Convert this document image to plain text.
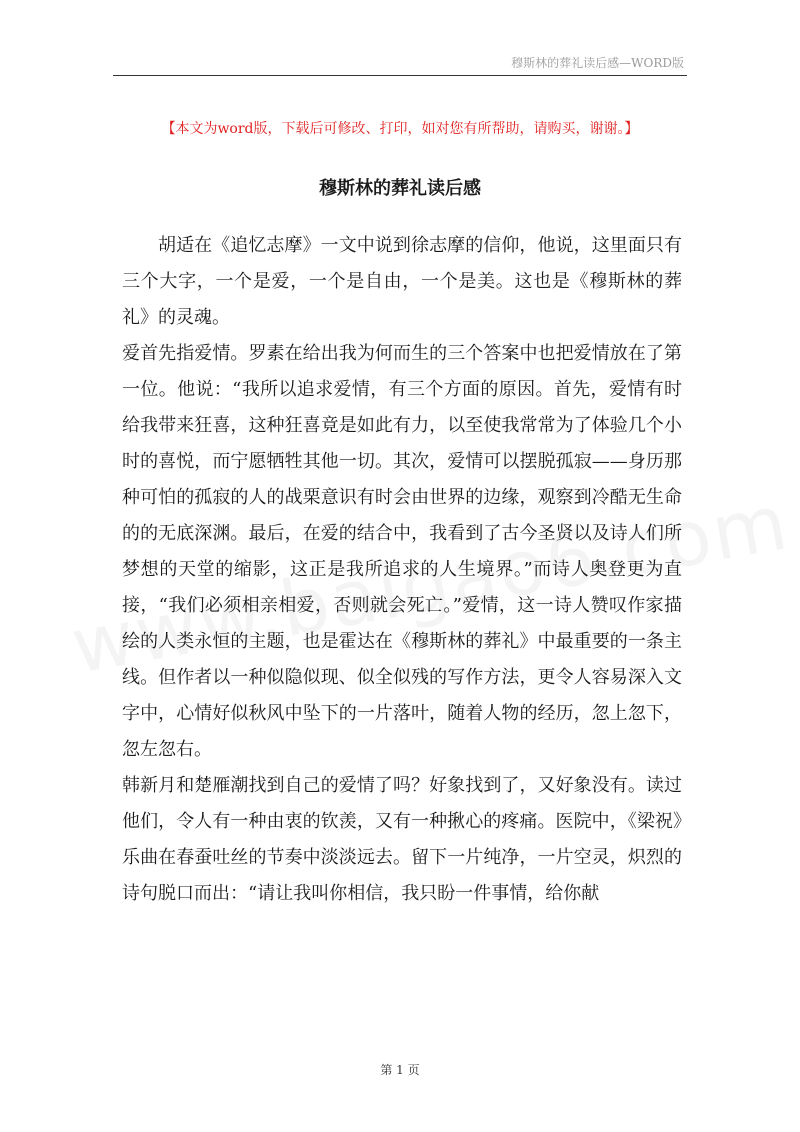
穆斯林的葬礼读后感—WORD版
【本文为word版，下载后可修改、打印，如对您有所帮助，请购买，谢谢。】
穆斯林的葬礼读后感

胡适在《追忆志摩》一文中说到徐志摩的信仰，他说，这里面只有三个大字，一个是爱，一个是自由，一个是美。这也是《穆斯林的葬礼》的灵魂。

爱首先指爱情。罗素在给出我为何而生的三个答案中也把爱情放在了第一位。他说：“我所以追求爱情，有三个方面的原因。首先，爱情有时给我带来狂喜，这种狂喜竟是如此有力，以至使我常常为了体验几个小时的喜悦，而宁愿牺牲其他一切。其次，爱情可以摆脱孤寂——身历那种可怕的孤寂的人的战栗意识有时会由世界的边缘，观察到冷酷无生命的的无底深渊。最后，在爱的结合中，我看到了古今圣贤以及诗人们所梦想的天堂的缩影，这正是我所追求的人生境界。”而诗人奥登更为直接，“我们必须相亲相爱，否则就会死亡。”爱情，这一诗人赞叹作家描绘的人类永恒的主题，也是霍达在《穆斯林的葬礼》中最重要的一条主线。但作者以一种似隐似现、似全似残的写作方法，更令人容易深入文字中，心情好似秋风中坠下的一片落叶，随着人物的经历，忽上忽下，忽左忽右。

韩新月和楚雁潮找到自己的爱情了吗？好象找到了，又好象没有。读过他们，令人有一种由衷的钦羡，又有一种揪心的疼痛。医院中，《梁祝》乐曲在春蚕吐丝的节奏中淡淡远去。留下一片纯净，一片空灵，炽烈的诗句脱口而出：“请让我叫你相信，我只盼一件事情，给你献

第 1 页
